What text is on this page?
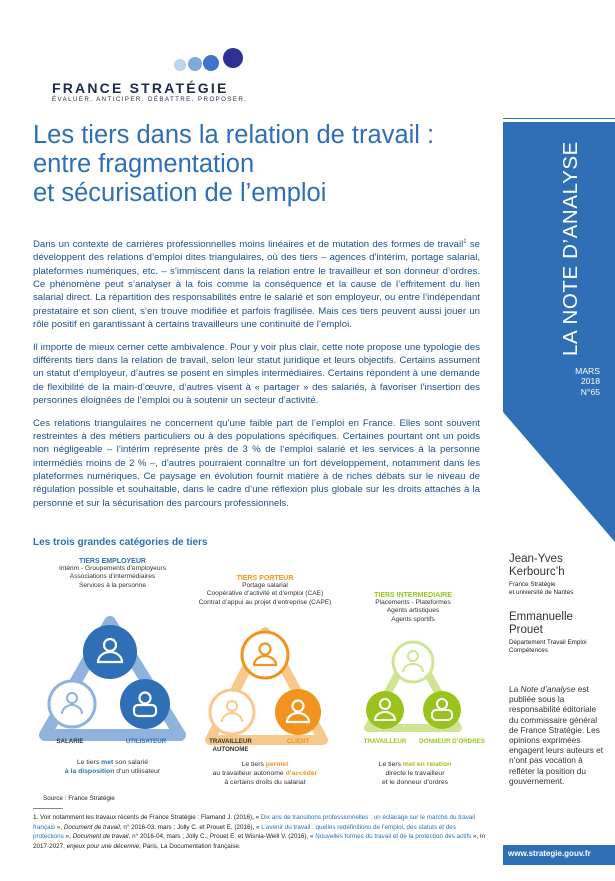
FRANCE STRATÉGIE
ÉVALUER. ANTICIPER. DÉBATTRE. PROPOSER.
Les tiers dans la relation de travail :
entre fragmentation
et sécurisation de l’emploi

Dans un contexte de carrières professionnelles moins linéaires et de mutation des formes de travail$^1$ se développent des relations d’emploi dites triangulaires, où des tiers – agences d’intérim, portage salarial, plateformes numériques, etc. – s’immiscent dans la relation entre le travailleur et son donneur d’ordres. Ce phénomène peut s’analyser à la fois comme la conséquence et la cause de l’effritement du lien salarial direct. La répartition des responsabilités entre le salarié et son employeur, ou entre l’indépendant prestataire et son client, s’en trouve modifiée et parfois fragilisée. Mais ces tiers peuvent aussi jouer un rôle positif en garantissant à certains travailleurs une continuité de l’emploi.

Il importe de mieux cerner cette ambivalence. Pour y voir plus clair, cette note propose une typologie des différents tiers dans la relation de travail, selon leur statut juridique et leurs objectifs. Certains assument un statut d’employeur, d’autres se posent en simples intermédiaires. Certains répondent à une demande de flexibilité de la main-d’œuvre, d’autres visent à « partager » des salariés, à favoriser l’insertion des personnes éloignées de l’emploi ou à soutenir un secteur d’activité.

Ces relations triangulaires ne concernent qu’une faible part de l’emploi en France. Elles sont souvent restreintes à des métiers particuliers ou à des populations spécifiques. Certaines pourtant ont un poids non négligeable – l’intérim représente près de 3 % de l’emploi salarié et les services à la personne intermédiés moins de 2 % –, d’autres pourraient connaître un fort développement, notamment dans les plateformes numériques. Ce paysage en évolution fournit matière à de riches débats sur le niveau de régulation possible et souhaitable, dans le cadre d’une réflexion plus globale sur les droits attachés à la personne et sur la sécurisation des parcours professionnels.

LA NOTE D’ANALYSE
MARS
2018
N°65
Jean-Yves
Kerbourc’h
France Stratégie
et université de Nantes
Emmanuelle
Prouet
Département Travail Emploi
Compétences
La Note d’analyse est publiée sous la responsabilité éditoriale du commissaire général de France Stratégie. Les opinions exprimées engagent leurs auteurs et n’ont pas vocation à refléter la position du gouvernement.
www.strategie.gouv.fr
Les trois grandes catégories de tiers
TIERS EMPLOYEUR
Intérim - Groupements d’employeurs
Associations d’intermédiaires
Services à la personne
SALARIÉ	UTILISATEUR
Le tiers met son salarié
à la disposition d’un utilisateur
TIERS PORTEUR
Portage salarial
Coopérative d’activité et d’emploi (CAE)
Contrat d’appui au projet d’entreprise (CAPE)
TRAVAILLEUR
AUTONOME
CLIENT
Le tiers permet
au travailleur autonome d’accéder
à certains droits du salariat
TIERS INTERMÉDIAIRE
Placements - Plateformes
Agents artistiques
Agents sportifs
TRAVAILLEUR	DONNEUR D’ORDRES
Le tiers met en relation
directe le travailleur
et le donneur d’ordres
Source : France Stratégie
1. Voir notamment les travaux récents de France Stratégie : Flamand J. (2016), « Dix ans de transitions professionnelles : un éclairage sur le marché du travail français », Document de travail, n° 2016-03, mars ; Jolly C. et Prouet E. (2016), « L’avenir du travail : quelles redéfinitions de l’emploi, des statuts et des protections », Document de travail, n° 2016-04, mars ; Jolly C., Prouet E. et Wisnia-Weill V. (2016), « Nouvelles formes du travail et de la protection des actifs », in 2017-2027, enjeux pour une décennie, Paris, La Documentation française.
